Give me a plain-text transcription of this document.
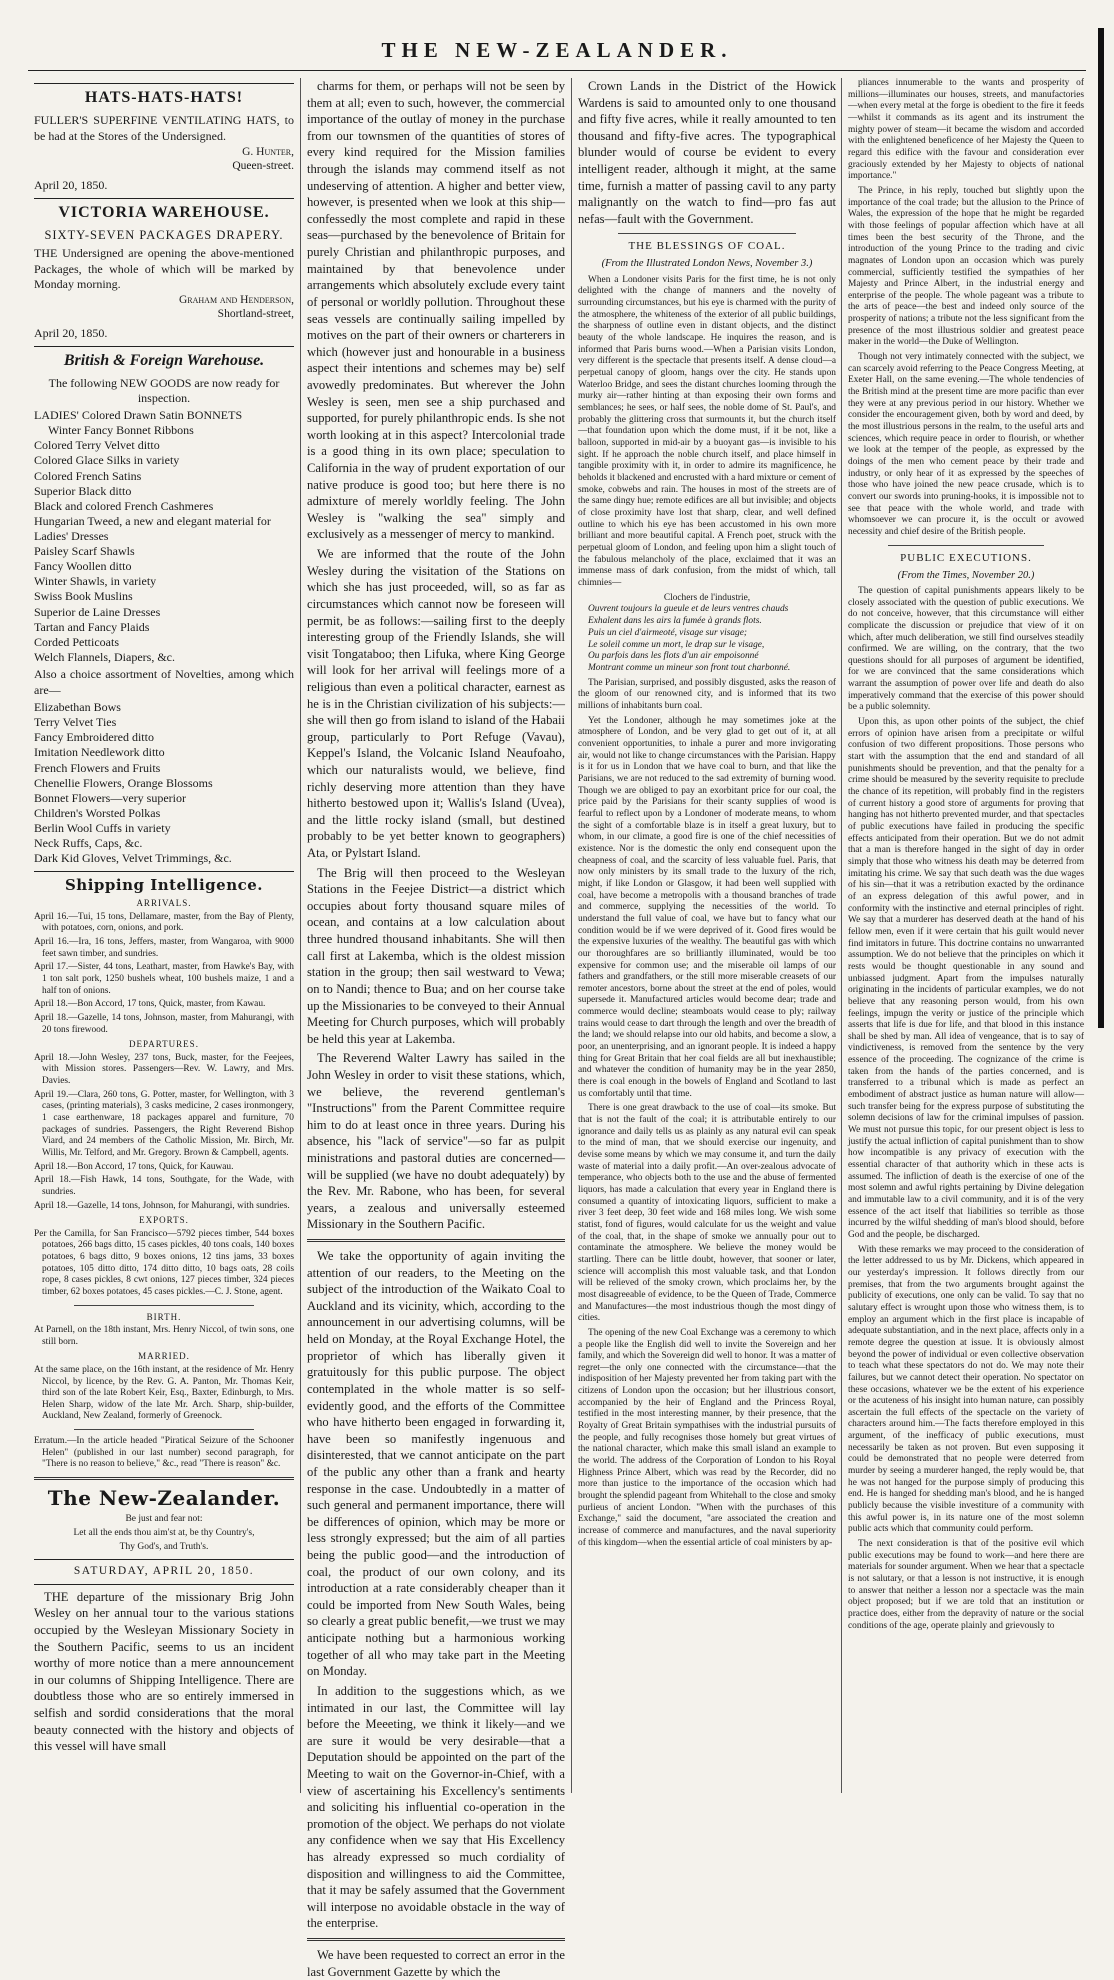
THE NEW-ZEALANDER.
HATS-HATS-HATS!
FULLER'S SUPERFINE VENTILATING HATS, to be had at the Stores of the Undersigned.
G. Hunter,
Queen-street.
April 20, 1850.
VICTORIA WAREHOUSE.
SIXTY-SEVEN PACKAGES DRAPERY.
THE Undersigned are opening the above-mentioned Packages, the whole of which will be marked by Monday morning.
Graham and Henderson,
Shortland-street,
April 20, 1850.
British & Foreign Warehouse.
The following NEW GOODS are now ready for inspection.
LADIES' Colored Drawn Satin BONNETS
Winter Fancy Bonnet Ribbons
Colored Terry Velvet ditto
Colored Glace Silks in variety
Colored French Satins
Superior Black ditto
Black and colored French Cashmeres
Hungarian Tweed, a new and elegant material for Ladies' Dresses
Paisley Scarf Shawls
Fancy Woollen ditto
Winter Shawls, in variety
Swiss Book Muslins
Superior de Laine Dresses
Tartan and Fancy Plaids
Corded Petticoats
Welch Flannels, Diapers, &c.
Also a choice assortment of Novelties, among which are—
Elizabethan Bows
Terry Velvet Ties
Fancy Embroidered ditto
Imitation Needlework ditto
French Flowers and Fruits
Chenellie Flowers, Orange Blossoms
Bonnet Flowers—very superior
Children's Worsted Polkas
Berlin Wool Cuffs in variety
Neck Ruffs, Caps, &c.
Dark Kid Gloves, Velvet Trimmings, &c.
Shipping Intelligence.
ARRIVALS.
April 16.—Tui, 15 tons, Dellamare, master, from the Bay of Plenty, with potatoes, corn, onions, and pork.
April 16.—Ira, 16 tons, Jeffers, master, from Wangaroa, with 9000 feet sawn timber, and sundries.
April 17.—Sister, 44 tons, Leathart, master, from Hawke's Bay, with 1 ton salt pork, 1250 bushels wheat, 100 bushels maize, 1 and a half ton of onions.
April 18.—Bon Accord, 17 tons, Quick, master, from Kawau.
April 18.—Gazelle, 14 tons, Johnson, master, from Mahurangi, with 20 tons firewood.
DEPARTURES.
April 18.—John Wesley, 237 tons, Buck, master, for the Feejees, with Mission stores. Passengers—Rev. W. Lawry, and Mrs. Davies.
April 19.—Clara, 260 tons, G. Potter, master, for Wellington, with 3 cases, (printing materials), 3 casks medicine, 2 cases ironmongery, 1 case earthenware, 18 packages apparel and furniture, 70 packages of sundries. Passengers, the Right Reverend Bishop Viard, and 24 members of the Catholic Mission, Mr. Birch, Mr. Willis, Mr. Telford, and Mr. Gregory. Brown & Campbell, agents.
April 18.—Bon Accord, 17 tons, Quick, for Kauwau.
April 18.—Fish Hawk, 14 tons, Southgate, for the Wade, with sundries.
April 18.—Gazelle, 14 tons, Johnson, for Mahurangi, with sundries.
EXPORTS.
Per the Camilla, for San Francisco—5792 pieces timber, 544 boxes potatoes, 266 bags ditto, 15 cases pickles, 40 tons coals, 140 boxes potatoes, 6 bags ditto, 9 boxes onions, 12 tins jams, 33 boxes potatoes, 105 ditto ditto, 174 ditto ditto, 10 bags oats, 28 coils rope, 8 cases pickles, 8 cwt onions, 127 pieces timber, 324 pieces timber, 62 boxes potatoes, 45 cases pickles.—C. J. Stone, agent.
BIRTH.
At Parnell, on the 18th instant, Mrs. Henry Niccol, of twin sons, one still born.
MARRIED.
At the same place, on the 16th instant, at the residence of Mr. Henry Niccol, by licence, by the Rev. G. A. Panton, Mr. Thomas Keir, third son of the late Robert Keir, Esq., Baxter, Edinburgh, to Mrs. Helen Sharp, widow of the late Mr. Arch. Sharp, ship-builder, Auckland, New Zealand, formerly of Greenock.
Erratum.—In the article headed "Piratical Seizure of the Schooner Helen" (published in our last number) second paragraph, for "There is no reason to believe," &c., read "There is reason" &c.
The New-Zealander.
Be just and fear not:
Let all the ends thou aim'st at, be thy Country's,
Thy God's, and Truth's.
SATURDAY, APRIL 20, 1850.

THE departure of the missionary Brig John Wesley on her annual tour to the various stations occupied by the Wesleyan Missionary Society in the Southern Pacific, seems to us an incident worthy of more notice than a mere announcement in our columns of Shipping Intelligence. There are doubtless those who are so entirely immersed in selfish and sordid considerations that the moral beauty connected with the history and objects of this vessel will have small

charms for them, or perhaps will not be seen by them at all; even to such, however, the commercial importance of the outlay of money in the purchase from our townsmen of the quantities of stores of every kind required for the Mission families through the islands may commend itself as not undeserving of attention. A higher and better view, however, is presented when we look at this ship—confessedly the most complete and rapid in these seas—purchased by the benevolence of Britain for purely Christian and philanthropic purposes, and maintained by that benevolence under arrangements which absolutely exclude every taint of personal or worldly pollution. Throughout these seas vessels are continually sailing impelled by motives on the part of their owners or charterers in which (however just and honourable in a business aspect their intentions and schemes may be) self avowedly predominates. But wherever the John Wesley is seen, men see a ship purchased and supported, for purely philanthropic ends. Is she not worth looking at in this aspect? Intercolonial trade is a good thing in its own place; speculation to California in the way of prudent exportation of our native produce is good too; but here there is no admixture of merely worldly feeling. The John Wesley is "walking the sea" simply and exclusively as a messenger of mercy to mankind.

We are informed that the route of the John Wesley during the visitation of the Stations on which she has just proceeded, will, so as far as circumstances which cannot now be foreseen will permit, be as follows:—sailing first to the deeply interesting group of the Friendly Islands, she will visit Tongataboo; then Lifuka, where King George will look for her arrival will feelings more of a religious than even a political character, earnest as he is in the Christian civilization of his subjects:—she will then go from island to island of the Habaii group, particularly to Port Refuge (Vavau), Keppel's Island, the Volcanic Island Neaufoaho, which our naturalists would, we believe, find richly deserving more attention than they have hitherto bestowed upon it; Wallis's Island (Uvea), and the little rocky island (small, but destined probably to be yet better known to geographers) Ata, or Pylstart Island.

The Brig will then proceed to the Wesleyan Stations in the Feejee District—a district which occupies about forty thousand square miles of ocean, and contains at a low calculation about three hundred thousand inhabitants. She will then call first at Lakemba, which is the oldest mission station in the group; then sail westward to Vewa; on to Nandi; thence to Bua; and on her course take up the Missionaries to be conveyed to their Annual Meeting for Church purposes, which will probably be held this year at Lakemba.

The Reverend Walter Lawry has sailed in the John Wesley in order to visit these stations, which, we believe, the reverend gentleman's "Instructions" from the Parent Committee require him to do at least once in three years. During his absence, his "lack of service"—so far as pulpit ministrations and pastoral duties are concerned—will be supplied (we have no doubt adequately) by the Rev. Mr. Rabone, who has been, for several years, a zealous and universally esteemed Missionary in the Southern Pacific.

We take the opportunity of again inviting the attention of our readers, to the Meeting on the subject of the introduction of the Waikato Coal to Auckland and its vicinity, which, according to the announcement in our advertising columns, will be held on Monday, at the Royal Exchange Hotel, the proprietor of which has liberally given it gratuitously for this public purpose. The object contemplated in the whole matter is so self-evidently good, and the efforts of the Committee who have hitherto been engaged in forwarding it, have been so manifestly ingenuous and disinterested, that we cannot anticipate on the part of the public any other than a frank and hearty response in the case. Undoubtedly in a matter of such general and permanent importance, there will be differences of opinion, which may be more or less strongly expressed; but the aim of all parties being the public good—and the introduction of coal, the product of our own colony, and its introduction at a rate considerably cheaper than it could be imported from New South Wales, being so clearly a great public benefit,—we trust we may anticipate nothing but a harmonious working together of all who may take part in the Meeting on Monday.

In addition to the suggestions which, as we intimated in our last, the Committee will lay before the Meeeting, we think it likely—and we are sure it would be very desirable—that a Deputation should be appointed on the part of the Meeting to wait on the Governor-in-Chief, with a view of ascertaining his Excellency's sentiments and soliciting his influential co-operation in the promotion of the object. We perhaps do not violate any confidence when we say that His Excellency has already expressed so much cordiality of disposition and willingness to aid the Committee, that it may be safely assumed that the Government will interpose no avoidable obstacle in the way of the enterprise.

We have been requested to correct an error in the last Government Gazette by which the

Crown Lands in the District of the Howick Wardens is said to amounted only to one thousand and fifty five acres, while it really amounted to ten thousand and fifty-five acres. The typographical blunder would of course be evident to every intelligent reader, although it might, at the same time, furnish a matter of passing cavil to any party malignantly on the watch to find—pro fas aut nefas—fault with the Government.

THE BLESSINGS OF COAL.
(From the Illustrated London News, November 3.)

When a Londoner visits Paris for the first time, he is not only delighted with the change of manners and the novelty of surrounding circumstances, but his eye is charmed with the purity of the atmosphere, the whiteness of the exterior of all public buildings, the sharpness of outline even in distant objects, and the distinct beauty of the whole landscape. He inquires the reason, and is informed that Paris burns wood.—When a Parisian visits London, very different is the spectacle that presents itself. A dense cloud—a perpetual canopy of gloom, hangs over the city. He stands upon Waterloo Bridge, and sees the distant churches looming through the murky air—rather hinting at than exposing their own forms and semblances; he sees, or half sees, the noble dome of St. Paul's, and probably the glittering cross that surmounts it, but the church itself—that foundation upon which the dome must, if it be not, like a balloon, supported in mid-air by a buoyant gas—is invisible to his sight. If he approach the noble church itself, and place himself in tangible proximity with it, in order to admire its magnificence, he beholds it blackened and encrusted with a hard mixture or cement of smoke, cobwebs and rain. The houses in most of the streets are of the same dingy hue; remote edifices are all but invisible; and objects of close proximity have lost that sharp, clear, and well defined outline to which his eye has been accustomed in his own more brilliant and more beautiful capital. A French poet, struck with the perpetual gloom of London, and feeling upon him a slight touch of the fabulous melancholy of the place, exclaimed that it was an immense mass of dark confusion, from the midst of which, tall chimnies—

Clochers de l'industrie,
Ouvrent toujours la gueule et de leurs ventres chauds
Exhalent dans les airs la fumée à grands flots.
Puis un ciel d'airmeoté, visage sur visage;
Le soleil comme un mort, le drap sur le visage,
Ou parfois dans les flots d'un air empoisonné
Montrant comme un mineur son front tout charbonné.

The Parisian, surprised, and possibly disgusted, asks the reason of the gloom of our renowned city, and is informed that its two millions of inhabitants burn coal.

Yet the Londoner, although he may sometimes joke at the atmosphere of London, and be very glad to get out of it, at all convenient opportunities, to inhale a purer and more invigorating air, would not like to change circumstances with the Parisian. Happy is it for us in London that we have coal to burn, and that like the Parisians, we are not reduced to the sad extremity of burning wood. Though we are obliged to pay an exorbitant price for our coal, the price paid by the Parisians for their scanty supplies of wood is fearful to reflect upon by a Londoner of moderate means, to whom the sight of a comfortable blaze is in itself a great luxury, but to whom, in our climate, a good fire is one of the chief necessities of existence. Nor is the domestic the only end consequent upon the cheapness of coal, and the scarcity of less valuable fuel. Paris, that now only ministers by its small trade to the luxury of the rich, might, if like London or Glasgow, it had been well supplied with coal, have become a metropolis with a thousand branches of trade and commerce, supplying the necessities of the world. To understand the full value of coal, we have but to fancy what our condition would be if we were deprived of it. Good fires would be the expensive luxuries of the wealthy. The beautiful gas with which our thoroughfares are so brilliantly illuminated, would be too expensive for common use; and the miserable oil lamps of our fathers and grandfathers, or the still more miserable creasets of our remoter ancestors, borne about the street at the end of poles, would supersede it. Manufactured articles would become dear; trade and commerce would decline; steamboats would cease to ply; railway trains would cease to dart through the length and over the breadth of the land; we should relapse into our old habits, and become a slow, a poor, an unenterprising, and an ignorant people. It is indeed a happy thing for Great Britain that her coal fields are all but inexhaustible; and whatever the condition of humanity may be in the year 2850, there is coal enough in the bowels of England and Scotland to last us comfortably until that time.

There is one great drawback to the use of coal—its smoke. But that is not the fault of the coal; it is attributable entirely to our ignorance and daily tells us as plainly as any natural evil can speak to the mind of man, that we should exercise our ingenuity, and devise some means by which we may consume it, and turn the daily waste of material into a daily profit.—An over-zealous advocate of temperance, who objects both to the use and the abuse of fermented liquors, has made a calculation that every year in England there is consumed a quantity of intoxicating liquors, sufficient to make a river 3 feet deep, 30 feet wide and 168 miles long. We wish some statist, fond of figures, would calculate for us the weight and value of the coal, that, in the shape of smoke we annually pour out to contaminate the atmosphere. We believe the money would be startling. There can be little doubt, however, that sooner or later, science will accomplish this most valuable task, and that London will be relieved of the smoky crown, which proclaims her, by the most disagreeable of evidence, to be the Queen of Trade, Commerce and Manufactures—the most industrious though the most dingy of cities.

The opening of the new Coal Exchange was a ceremony to which a people like the English did well to invite the Sovereign and her family, and which the Sovereign did well to honor. It was a matter of regret—the only one connected with the circumstance—that the indisposition of her Majesty prevented her from taking part with the citizens of London upon the occasion; but her illustrious consort, accompanied by the heir of England and the Princess Royal, testified in the most interesting manner, by their presence, that the Royalty of Great Britain sympathises with the industrial pursuits of the people, and fully recognises those homely but great virtues of the national character, which make this small island an example to the world. The address of the Corporation of London to his Royal Highness Prince Albert, which was read by the Recorder, did no more than justice to the importance of the occasion which had brought the splendid pageant from Whitehall to the close and smoky purlieus of ancient London. "When with the purchases of this Exchange," said the document, "are associated the creation and increase of commerce and manufactures, and the naval superiority of this kingdom—when the essential article of coal ministers by ap-

pliances innumerable to the wants and prosperity of millions—illuminates our houses, streets, and manufactories—when every metal at the forge is obedient to the fire it feeds—whilst it commands as its agent and its instrument the mighty power of steam—it became the wisdom and accorded with the enlightened beneficence of her Majesty the Queen to regard this edifice with the favour and consideration ever graciously extended by her Majesty to objects of national importance."

The Prince, in his reply, touched but slightly upon the importance of the coal trade; but the allusion to the Prince of Wales, the expression of the hope that he might be regarded with those feelings of popular affection which have at all times been the best security of the Throne, and the introduction of the young Prince to the trading and civic magnates of London upon an occasion which was purely commercial, sufficiently testified the sympathies of her Majesty and Prince Albert, in the industrial energy and enterprise of the people. The whole pageant was a tribute to the arts of peace—the best and indeed only source of the prosperity of nations; a tribute not the less significant from the presence of the most illustrious soldier and greatest peace maker in the world—the Duke of Wellington.

Though not very intimately connected with the subject, we can scarcely avoid referring to the Peace Congress Meeting, at Exeter Hall, on the same evening.—The whole tendencies of the British mind at the present time are more pacific than ever they were at any previous period in our history. Whether we consider the encouragement given, both by word and deed, by the most illustrious persons in the realm, to the useful arts and sciences, which require peace in order to flourish, or whether we look at the temper of the people, as expressed by the doings of the men who cement peace by their trade and industry, or only hear of it as expressed by the speeches of those who have joined the new peace crusade, which is to convert our swords into pruning-hooks, it is impossible not to see that peace with the whole world, and trade with whomsoever we can procure it, is the occult or avowed necessity and chief desire of the British people.

PUBLIC EXECUTIONS.
(From the Times, November 20.)

The question of capital punishments appears likely to be closely associated with the question of public executions. We do not conceive, however, that this circumstance will either complicate the discussion or prejudice that view of it on which, after much deliberation, we still find ourselves steadily confirmed. We are willing, on the contrary, that the two questions should for all purposes of argument be identified, for we are convinced that the same considerations which warrant the assumption of power over life and death do also imperatively command that the exercise of this power should be a public solemnity.

Upon this, as upon other points of the subject, the chief errors of opinion have arisen from a precipitate or wilful confusion of two different propositions. Those persons who start with the assumption that the end and standard of all punishments should be prevention, and that the penalty for a crime should be measured by the severity requisite to preclude the chance of its repetition, will probably find in the registers of current history a good store of arguments for proving that hanging has not hitherto prevented murder, and that spectacles of public executions have failed in producing the specific effects anticipated from their operation. But we do not admit that a man is therefore hanged in the sight of day in order simply that those who witness his death may be deterred from imitating his crime. We say that such death was the due wages of his sin—that it was a retribution exacted by the ordinance of an express delegation of this awful power, and in conformity with the instinctive and eternal principles of right. We say that a murderer has deserved death at the hand of his fellow men, even if it were certain that his guilt would never find imitators in future. This doctrine contains no unwarranted assumption. We do not believe that the principles on which it rests would be thought questionable in any sound and unbiassed judgment. Apart from the impulses naturally originating in the incidents of particular examples, we do not believe that any reasoning person would, from his own feelings, impugn the verity or justice of the principle which asserts that life is due for life, and that blood in this instance shall be shed by man. All idea of vengeance, that is to say of vindictiveness, is removed from the sentence by the very essence of the proceeding. The cognizance of the crime is taken from the hands of the parties concerned, and is transferred to a tribunal which is made as perfect an embodiment of abstract justice as human nature will allow—such transfer being for the express purpose of substituting the solemn decisions of law for the criminal impulses of passion. We must not pursue this topic, for our present object is less to justify the actual infliction of capital punishment than to show how incompatible is any privacy of execution with the essential character of that authority which in these acts is assumed. The infliction of death is the exercise of one of the most solemn and awful rights pertaining by Divine delegation and immutable law to a civil community, and it is of the very essence of the act itself that liabilities so terrible as those incurred by the wilful shedding of man's blood should, before God and the people, be discharged.

With these remarks we may proceed to the consideration of the letter addressed to us by Mr. Dickens, which appeared in our yesterday's impression. It follows directly from our premises, that from the two arguments brought against the publicity of executions, one only can be valid. To say that no salutary effect is wrought upon those who witness them, is to employ an argument which in the first place is incapable of adequate substantiation, and in the next place, affects only in a remote degree the question at issue. It is obviously almost beyond the power of individual or even collective observation to teach what these spectators do not do. We may note their failures, but we cannot detect their operation. No spectator on these occasions, whatever we be the extent of his experience or the acuteness of his insight into human nature, can possibly ascertain the full effects of the spectacle on the variety of characters around him.—The facts therefore employed in this argument, of the inefficacy of public executions, must necessarily be taken as not proven. But even supposing it could be demonstrated that no people were deterred from murder by seeing a murderer hanged, the reply would be, that he was not hanged for the purpose simply of producing this end. He is hanged for shedding man's blood, and he is hanged publicly because the visible investiture of a community with this awful power is, in its nature one of the most solemn public acts which that community could perform.

The next consideration is that of the positive evil which public executions may be found to work—and here there are materials for sounder argument. When we hear that a spectacle is not salutary, or that a lesson is not instructive, it is enough to answer that neither a lesson nor a spectacle was the main object proposed; but if we are told that an institution or practice does, either from the depravity of nature or the social conditions of the age, operate plainly and grievously to
